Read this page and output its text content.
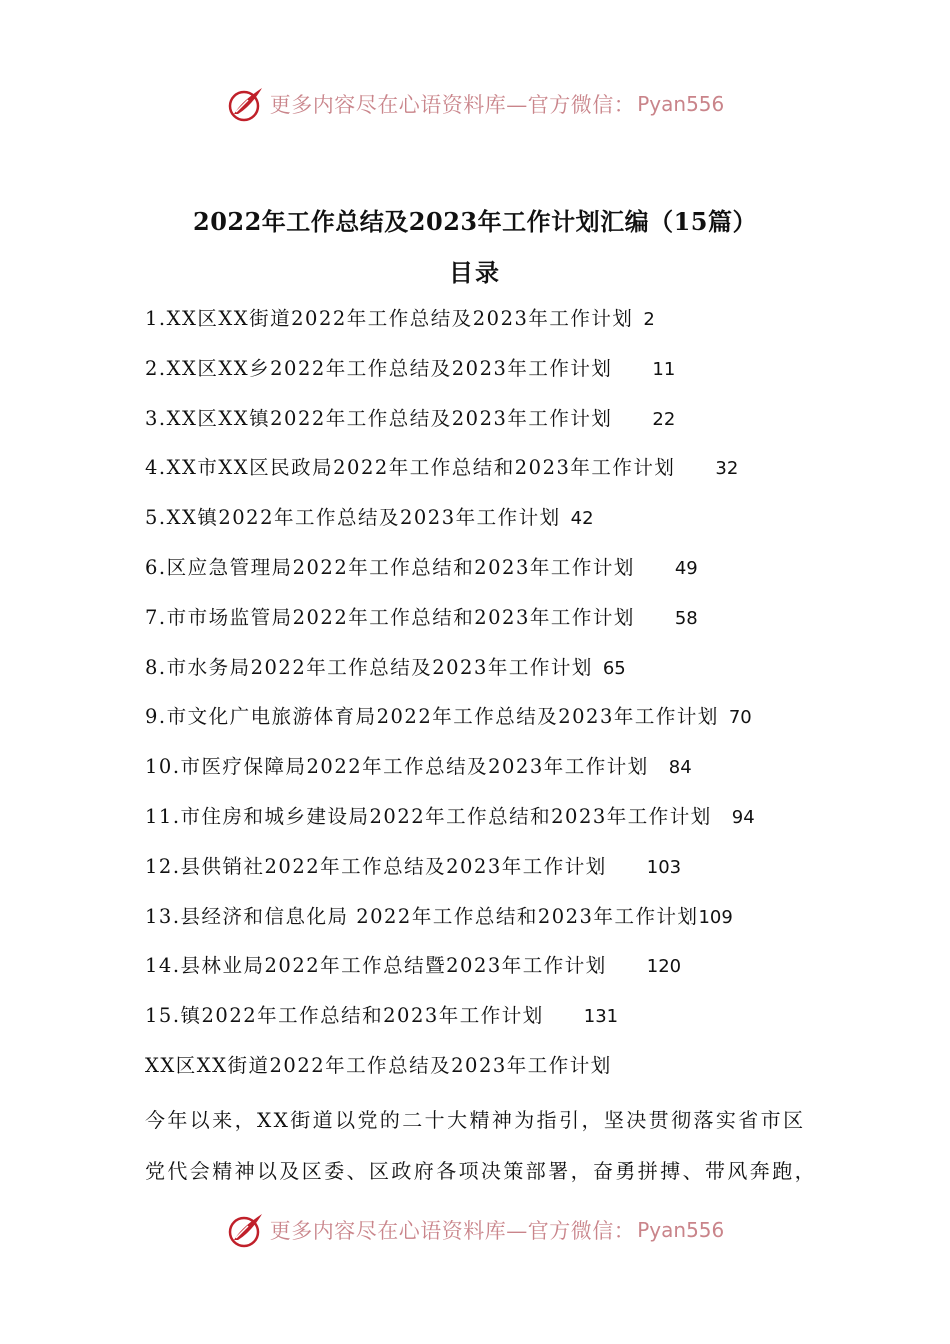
更多内容尽在心语资料库—官方微信： Pyan556
2022年工作总结及2023年工作计划汇编（15篇）
目录
1.XX区XX街道2022年工作总结及2023年工作计划 2
2.XX区XX乡2022年工作总结及2023年工作计划 11
3.XX区XX镇2022年工作总结及2023年工作计划 22
4.XX市XX区民政局2022年工作总结和2023年工作计划 32
5.XX镇2022年工作总结及2023年工作计划 42
6.区应急管理局2022年工作总结和2023年工作计划 49
7.市市场监管局2022年工作总结和2023年工作计划 58
8.市水务局2022年工作总结及2023年工作计划 65
9.市文化广电旅游体育局2022年工作总结及2023年工作计划 70
10.市医疗保障局2022年工作总结及2023年工作计划 84
11.市住房和城乡建设局2022年工作总结和2023年工作计划 94
12.县供销社2022年工作总结及2023年工作计划 103
13.县经济和信息化局 2022年工作总结和2023年工作计划109
14.县林业局2022年工作总结暨2023年工作计划 120
15.镇2022年工作总结和2023年工作计划 131
XX区XX街道2022年工作总结及2023年工作计划

今年以来，XX街道以党的二十大精神为指引，坚决贯彻落实省市区党代会精神以及区委、区政府各项决策部署，奋勇拼搏、带风奔跑，

更多内容尽在心语资料库—官方微信： Pyan556
